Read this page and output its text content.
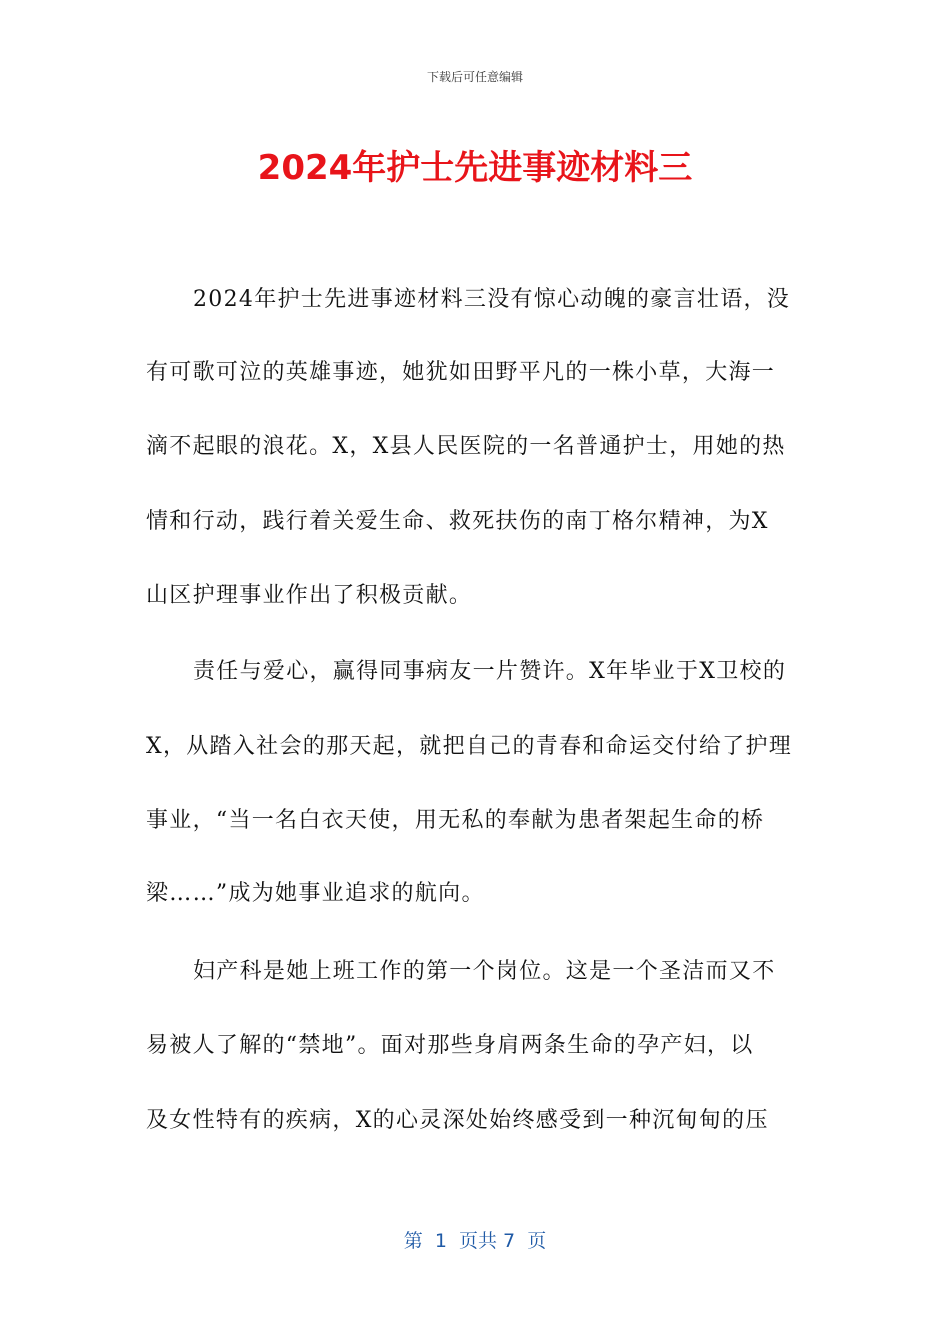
下载后可任意编辑
2024年护士先进事迹材料三
2024年护士先进事迹材料三没有惊心动魄的豪言壮语，没
有可歌可泣的英雄事迹，她犹如田野平凡的一株小草，大海一
滴不起眼的浪花。X，X县人民医院的一名普通护士，用她的热
情和行动，践行着关爱生命、救死扶伤的南丁格尔精神，为X
山区护理事业作出了积极贡献。
责任与爱心，赢得同事病友一片赞许。X年毕业于X卫校的
X，从踏入社会的那天起，就把自己的青春和命运交付给了护理
事业，“当一名白衣天使，用无私的奉献为患者架起生命的桥
梁……”成为她事业追求的航向。
妇产科是她上班工作的第一个岗位。这是一个圣洁而又不
易被人了解的“禁地”。面对那些身肩两条生命的孕产妇，以
及女性特有的疾病，X的心灵深处始终感受到一种沉甸甸的压
第  1  页共 7  页
